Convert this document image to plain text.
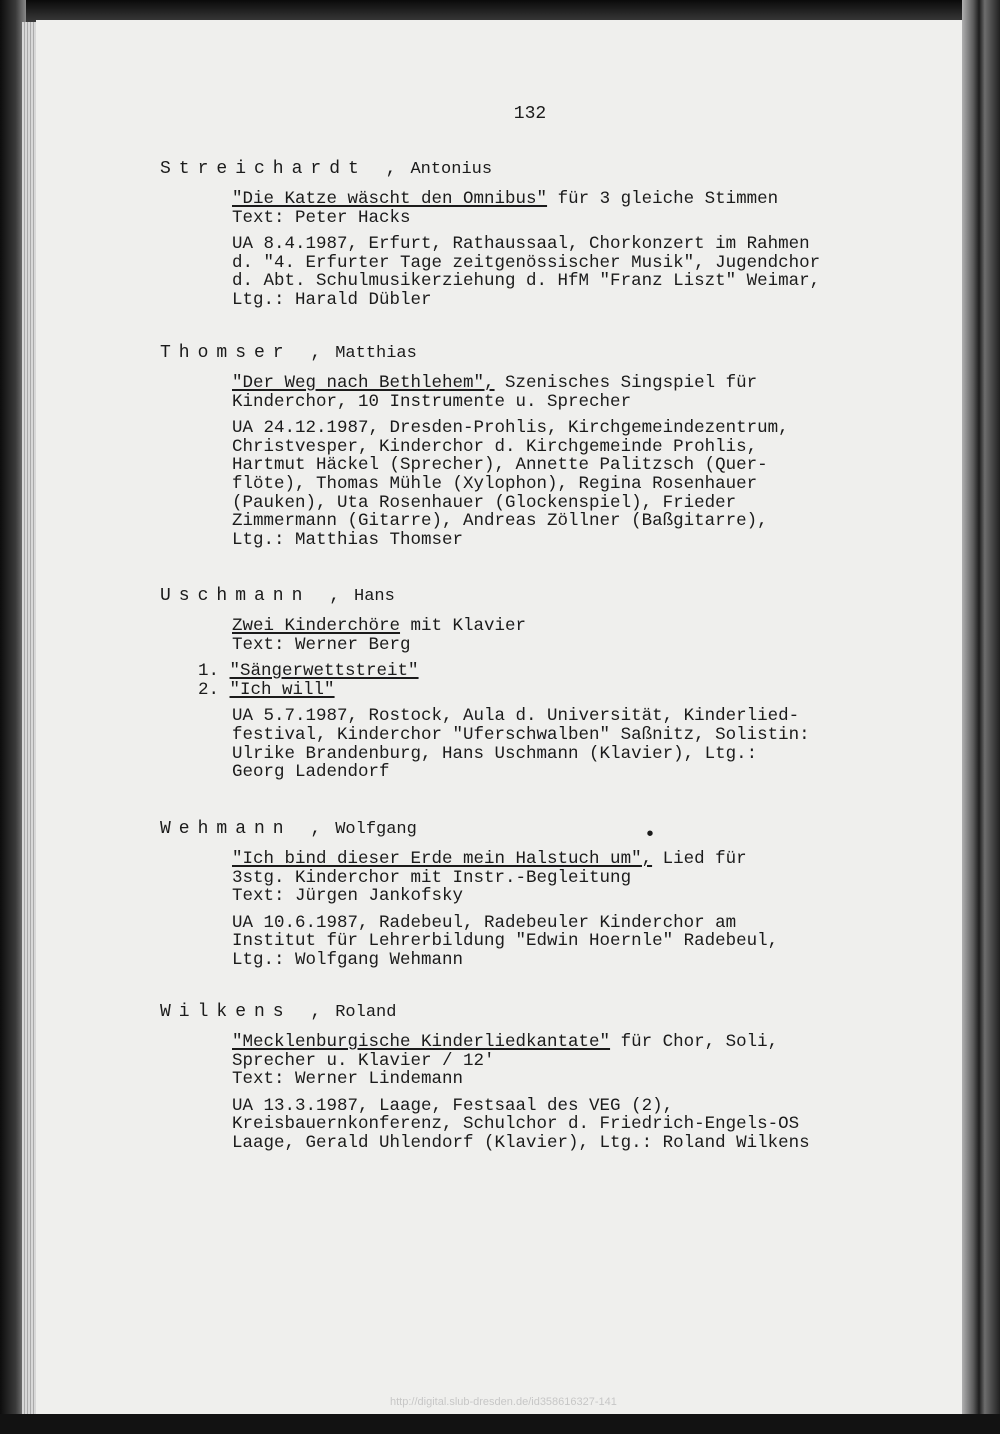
132
Streichardt , Antonius
"Die Katze wäscht den Omnibus" für 3 gleiche Stimmen
Text: Peter Hacks
UA 8.4.1987, Erfurt, Rathaussaal, Chorkonzert im Rahmen
d. "4. Erfurter Tage zeitgenössischer Musik", Jugendchor
d. Abt. Schulmusikerziehung d. HfM "Franz Liszt" Weimar,
Ltg.: Harald Dübler
Thomser , Matthias
"Der Weg nach Bethlehem", Szenisches Singspiel für
Kinderchor, 10 Instrumente u. Sprecher
UA 24.12.1987, Dresden-Prohlis, Kirchgemeindezentrum,
Christvesper, Kinderchor d. Kirchgemeinde Prohlis,
Hartmut Häckel (Sprecher), Annette Palitzsch (Quer-
flöte), Thomas Mühle (Xylophon), Regina Rosenhauer
(Pauken), Uta Rosenhauer (Glockenspiel), Frieder
Zimmermann (Gitarre), Andreas Zöllner (Baßgitarre),
Ltg.: Matthias Thomser
Uschmann , Hans
Zwei Kinderchöre mit Klavier
Text: Werner Berg
1. "Sängerwettstreit"
2. "Ich will"
UA 5.7.1987, Rostock, Aula d. Universität, Kinderlied-
festival, Kinderchor "Uferschwalben" Saßnitz, Solistin:
Ulrike Brandenburg, Hans Uschmann (Klavier), Ltg.:
Georg Ladendorf
Wehmann , Wolfgang
"Ich bind dieser Erde mein Halstuch um", Lied für
3stg. Kinderchor mit Instr.-Begleitung
Text: Jürgen Jankofsky
UA 10.6.1987, Radebeul, Radebeuler Kinderchor am
Institut für Lehrerbildung "Edwin Hoernle" Radebeul,
Ltg.: Wolfgang Wehmann
Wilkens , Roland
"Mecklenburgische Kinderliedkantate" für Chor, Soli,
Sprecher u. Klavier / 12'
Text: Werner Lindemann
UA 13.3.1987, Laage, Festsaal des VEG (2),
Kreisbauernkonferenz, Schulchor d. Friedrich-Engels-OS
Laage, Gerald Uhlendorf (Klavier), Ltg.: Roland Wilkens
•
http://digital.slub-dresden.de/id358616327-141
